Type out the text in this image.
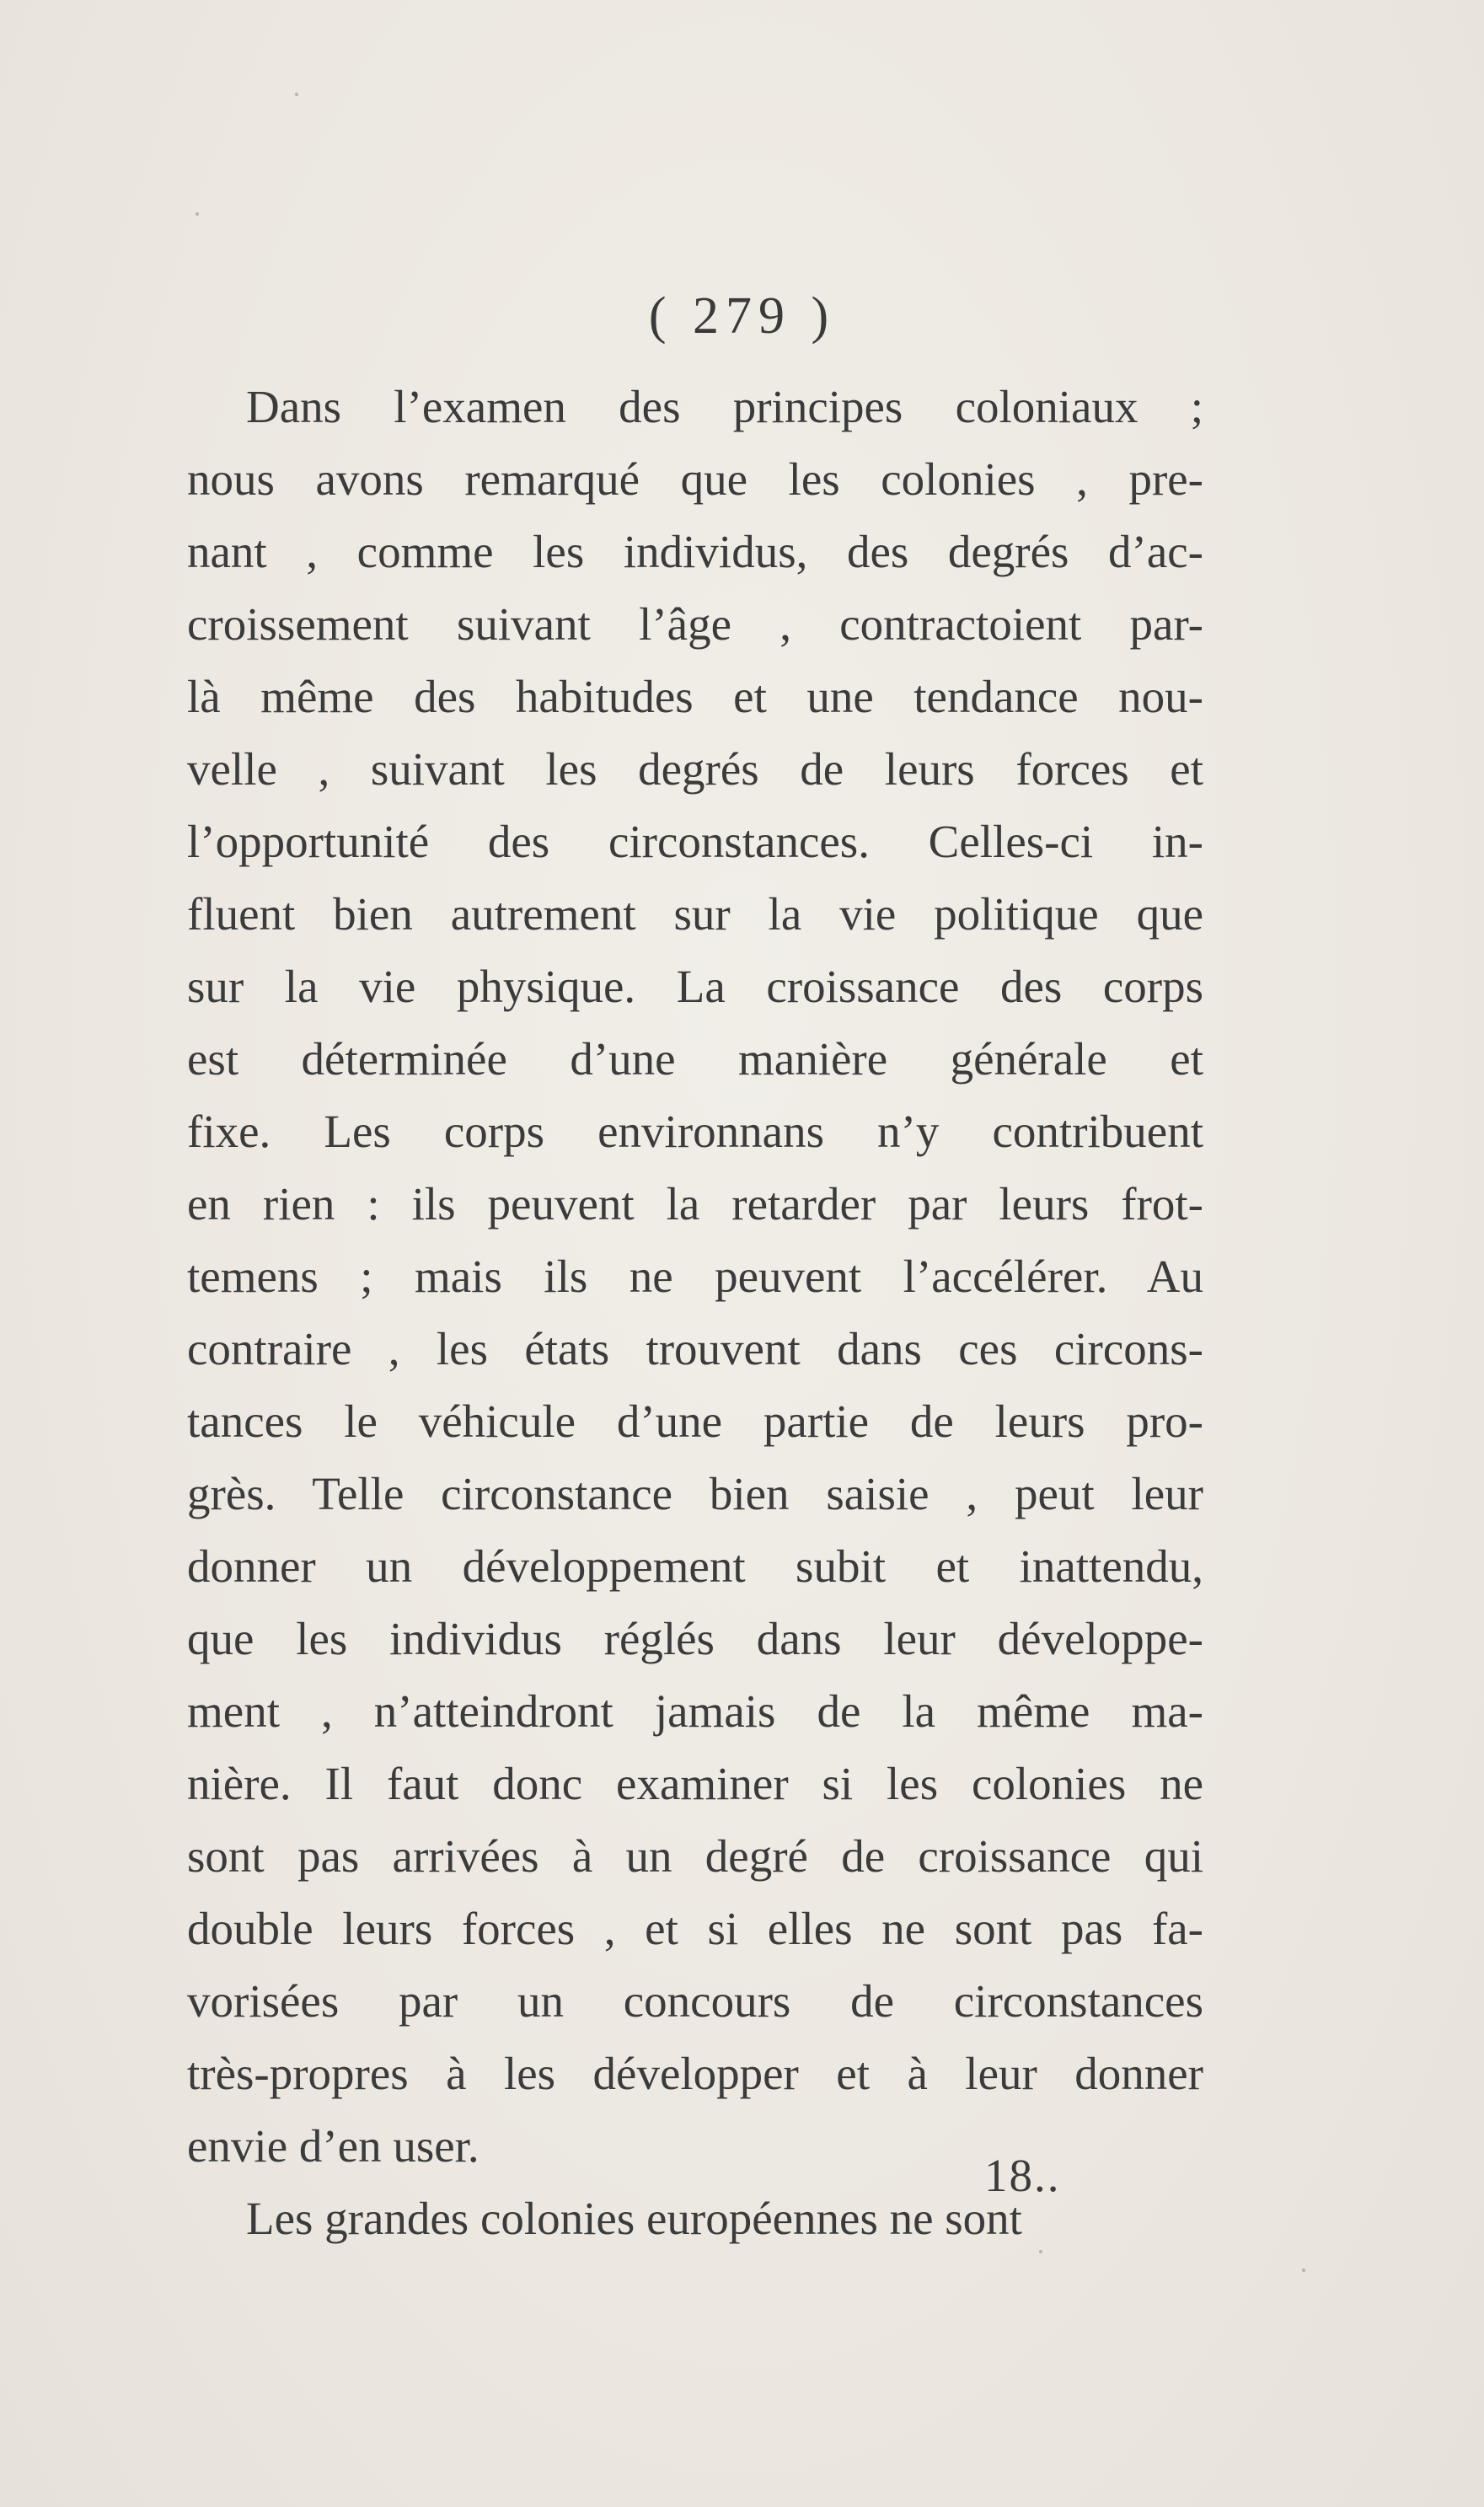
( 279 )
Dans l’examen des principes coloniaux ;
nous avons remarqué que les colonies , pre-
nant , comme les individus, des degrés d’ac-
croissement suivant l’âge , contractoient par-
là même des habitudes et une tendance nou-
velle , suivant les degrés de leurs forces et
l’opportunité des circonstances. Celles-ci in-
fluent bien autrement sur la vie politique que
sur la vie physique. La croissance des corps
est déterminée d’une manière générale et
fixe. Les corps environnans n’y contribuent
en rien : ils peuvent la retarder par leurs frot-
temens ; mais ils ne peuvent l’accélérer. Au
contraire , les états trouvent dans ces circons-
tances le véhicule d’une partie de leurs pro-
grès. Telle circonstance bien saisie , peut leur
donner un développement subit et inattendu,
que les individus réglés dans leur développe-
ment , n’atteindront jamais de la même ma-
nière. Il faut donc examiner si les colonies ne
sont pas arrivées à un degré de croissance qui
double leurs forces , et si elles ne sont pas fa-
vorisées par un concours de circonstances
très-propres à les développer et à leur donner
envie d’en user.
Les grandes colonies européennes ne sont
18..
